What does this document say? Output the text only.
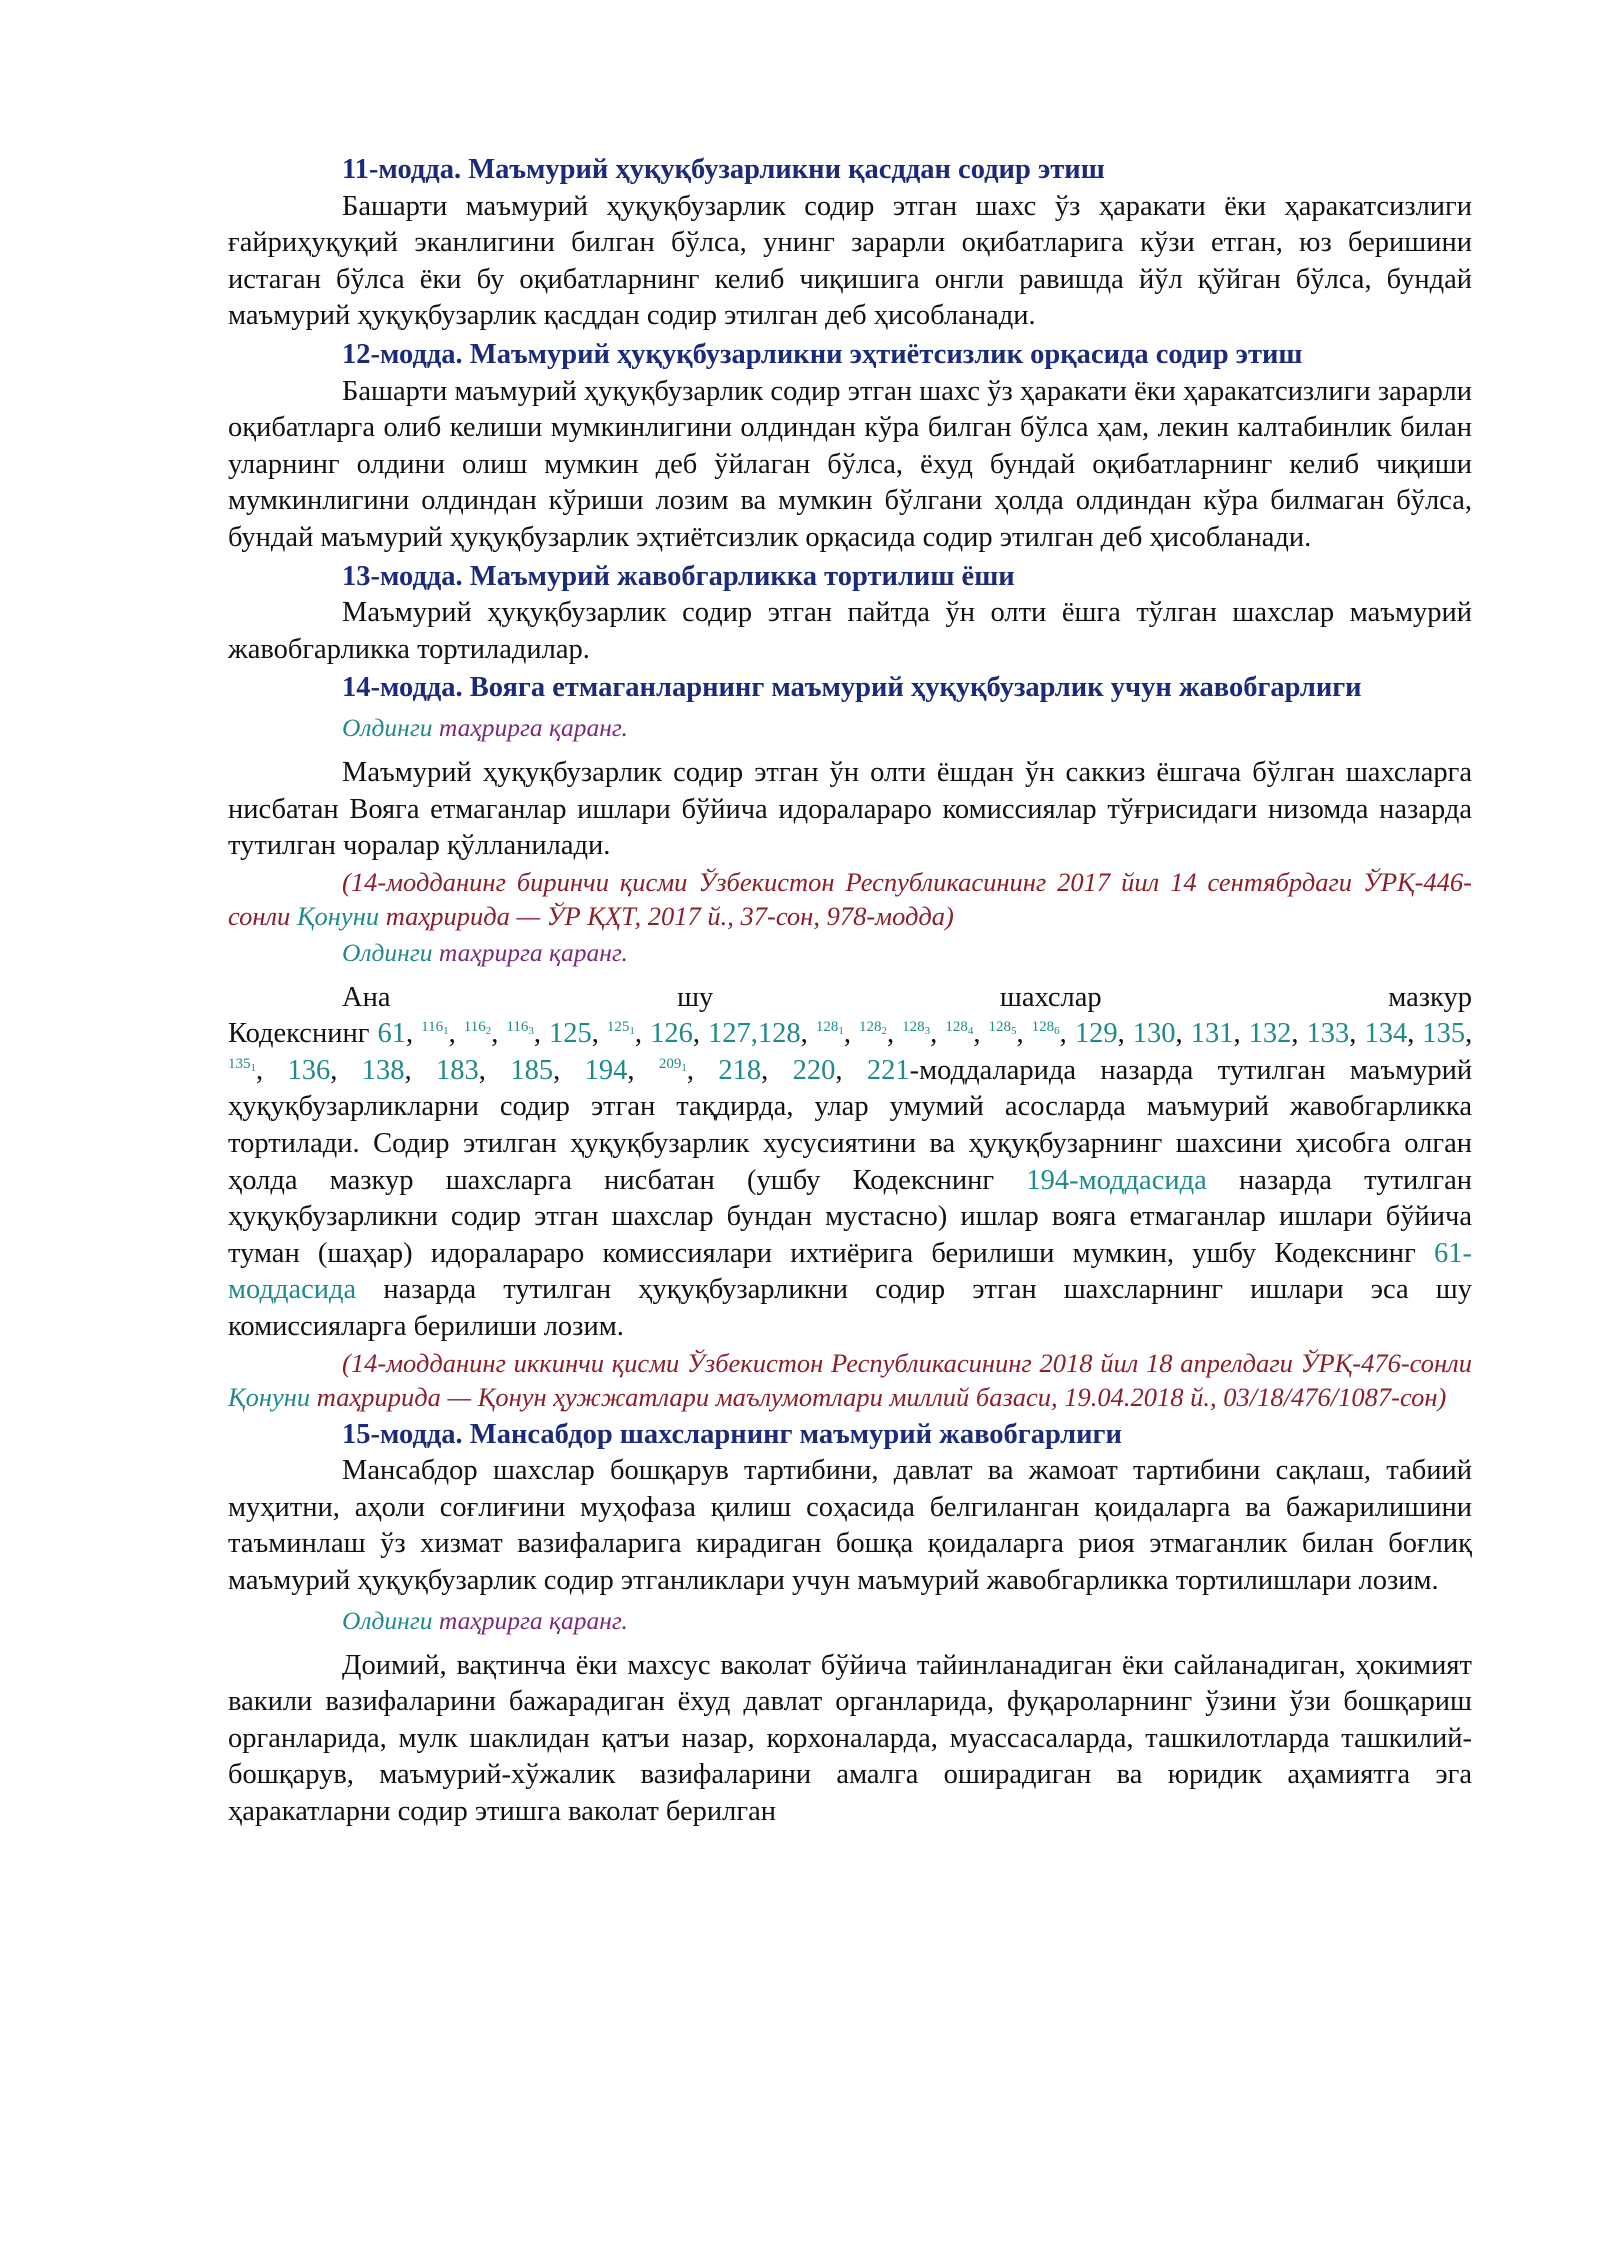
11-модда. Маъмурий ҳуқуқбузарликни қасддан содир этиш

Башарти маъмурий ҳуқуқбузарлик содир этган шахс ўз ҳаракати ёки ҳаракатсизлиги ғайриҳуқуқий эканлигини билган бўлса, унинг зарарли оқибатларига кўзи етган, юз беришини истаган бўлса ёки бу оқибатларнинг келиб чиқишига онгли равишда йўл қўйган бўлса, бундай маъмурий ҳуқуқбузарлик қасддан содир этилган деб ҳисобланади.

12-модда. Маъмурий ҳуқуқбузарликни эҳтиётсизлик орқасида содир этиш

Башарти маъмурий ҳуқуқбузарлик содир этган шахс ўз ҳаракати ёки ҳаракатсизлиги зарарли оқибатларга олиб келиши мумкинлигини олдиндан кўра билган бўлса ҳам, лекин калтабинлик билан уларнинг олдини олиш мумкин деб ўйлаган бўлса, ёхуд бундай оқибатларнинг келиб чиқиши мумкинлигини олдиндан кўриши лозим ва мумкин бўлгани ҳолда олдиндан кўра билмаган бўлса, бундай маъмурий ҳуқуқбузарлик эҳтиётсизлик орқасида содир этилган деб ҳисобланади.

13-модда. Маъмурий жавобгарликка тортилиш ёши

Маъмурий ҳуқуқбузарлик содир этган пайтда ўн олти ёшга тўлган шахслар маъмурий жавобгарликка тортиладилар.

14-модда. Вояга етмаганларнинг маъмурий ҳуқуқбузарлик учун жавобгарлиги

Олдинги таҳрирга қаранг.

Маъмурий ҳуқуқбузарлик содир этган ўн олти ёшдан ўн саккиз ёшгача бўлган шахсларга нисбатан Вояга етмаганлар ишлари бўйича идоралараро комиссиялар тўғрисидаги низомда назарда тутилган чоралар қўлланилади.

(14-модданинг биринчи қисми Ўзбекистон Республикасининг 2017 йил 14 сентябрдаги ЎРҚ-446-сонли Қонуни таҳририда — ЎР ҚҲТ, 2017 й., 37-сон, 978-модда)

Олдинги таҳрирга қаранг.

Ана	шу	шахслар	мазкур

Кодекснинг 61, $^{116_1}$, $^{116_2}$, $^{116_3}$, 125, $^{125_1}$, 126, 127,128, $^{128_1}$, $^{128_2}$, $^{128_3}$, $^{128_4}$, $^{128_5}$, $^{128_6}$, 129, 130, 131, 132, 133, 134, 135, $^{135_1}$, 136, 138, 183, 185, 194, $^{209_1}$, 218, 220, 221-моддаларида назарда тутилган маъмурий ҳуқуқбузарликларни содир этган тақдирда, улар умумий асосларда маъмурий жавобгарликка тортилади. Содир этилган ҳуқуқбузарлик хусусиятини ва ҳуқуқбузарнинг шахсини ҳисобга олган ҳолда мазкур шахсларга нисбатан (ушбу Кодекснинг 194-моддасида назарда тутилган ҳуқуқбузарликни содир этган шахслар бундан мустасно) ишлар вояга етмаганлар ишлари бўйича туман (шаҳар) идоралараро комиссиялари ихтиёрига берилиши мумкин, ушбу Кодекснинг 61-моддасида назарда тутилган ҳуқуқбузарликни содир этган шахсларнинг ишлари эса шу комиссияларга берилиши лозим.

(14-модданинг иккинчи қисми Ўзбекистон Республикасининг 2018 йил 18 апрелдаги ЎРҚ-476-сонли Қонуни таҳририда — Қонун ҳужжатлари маълумотлари миллий базаси, 19.04.2018 й., 03/18/476/1087-сон)

15-модда. Мансабдор шахсларнинг маъмурий жавобгарлиги

Мансабдор шахслар бошқарув тартибини, давлат ва жамоат тартибини сақлаш, табиий муҳитни, аҳоли соғлиғини муҳофаза қилиш соҳасида белгиланган қоидаларга ва бажарилишини таъминлаш ўз хизмат вазифаларига кирадиган бошқа қоидаларга риоя этмаганлик билан боғлиқ маъмурий ҳуқуқбузарлик содир этганликлари учун маъмурий жавобгарликка тортилишлари лозим.

Олдинги таҳрирга қаранг.

Доимий, вақтинча ёки махсус ваколат бўйича тайинланадиган ёки сайланадиган, ҳокимият вакили вазифаларини бажарадиган ёхуд давлат органларида, фуқароларнинг ўзини ўзи бошқариш органларида, мулк шаклидан қатъи назар, корхоналарда, муассасаларда, ташкилотларда ташкилий-бошқарув, маъмурий-хўжалик вазифаларини амалга оширадиган ва юридик аҳамиятга эга ҳаракатларни содир этишга ваколат берилган
